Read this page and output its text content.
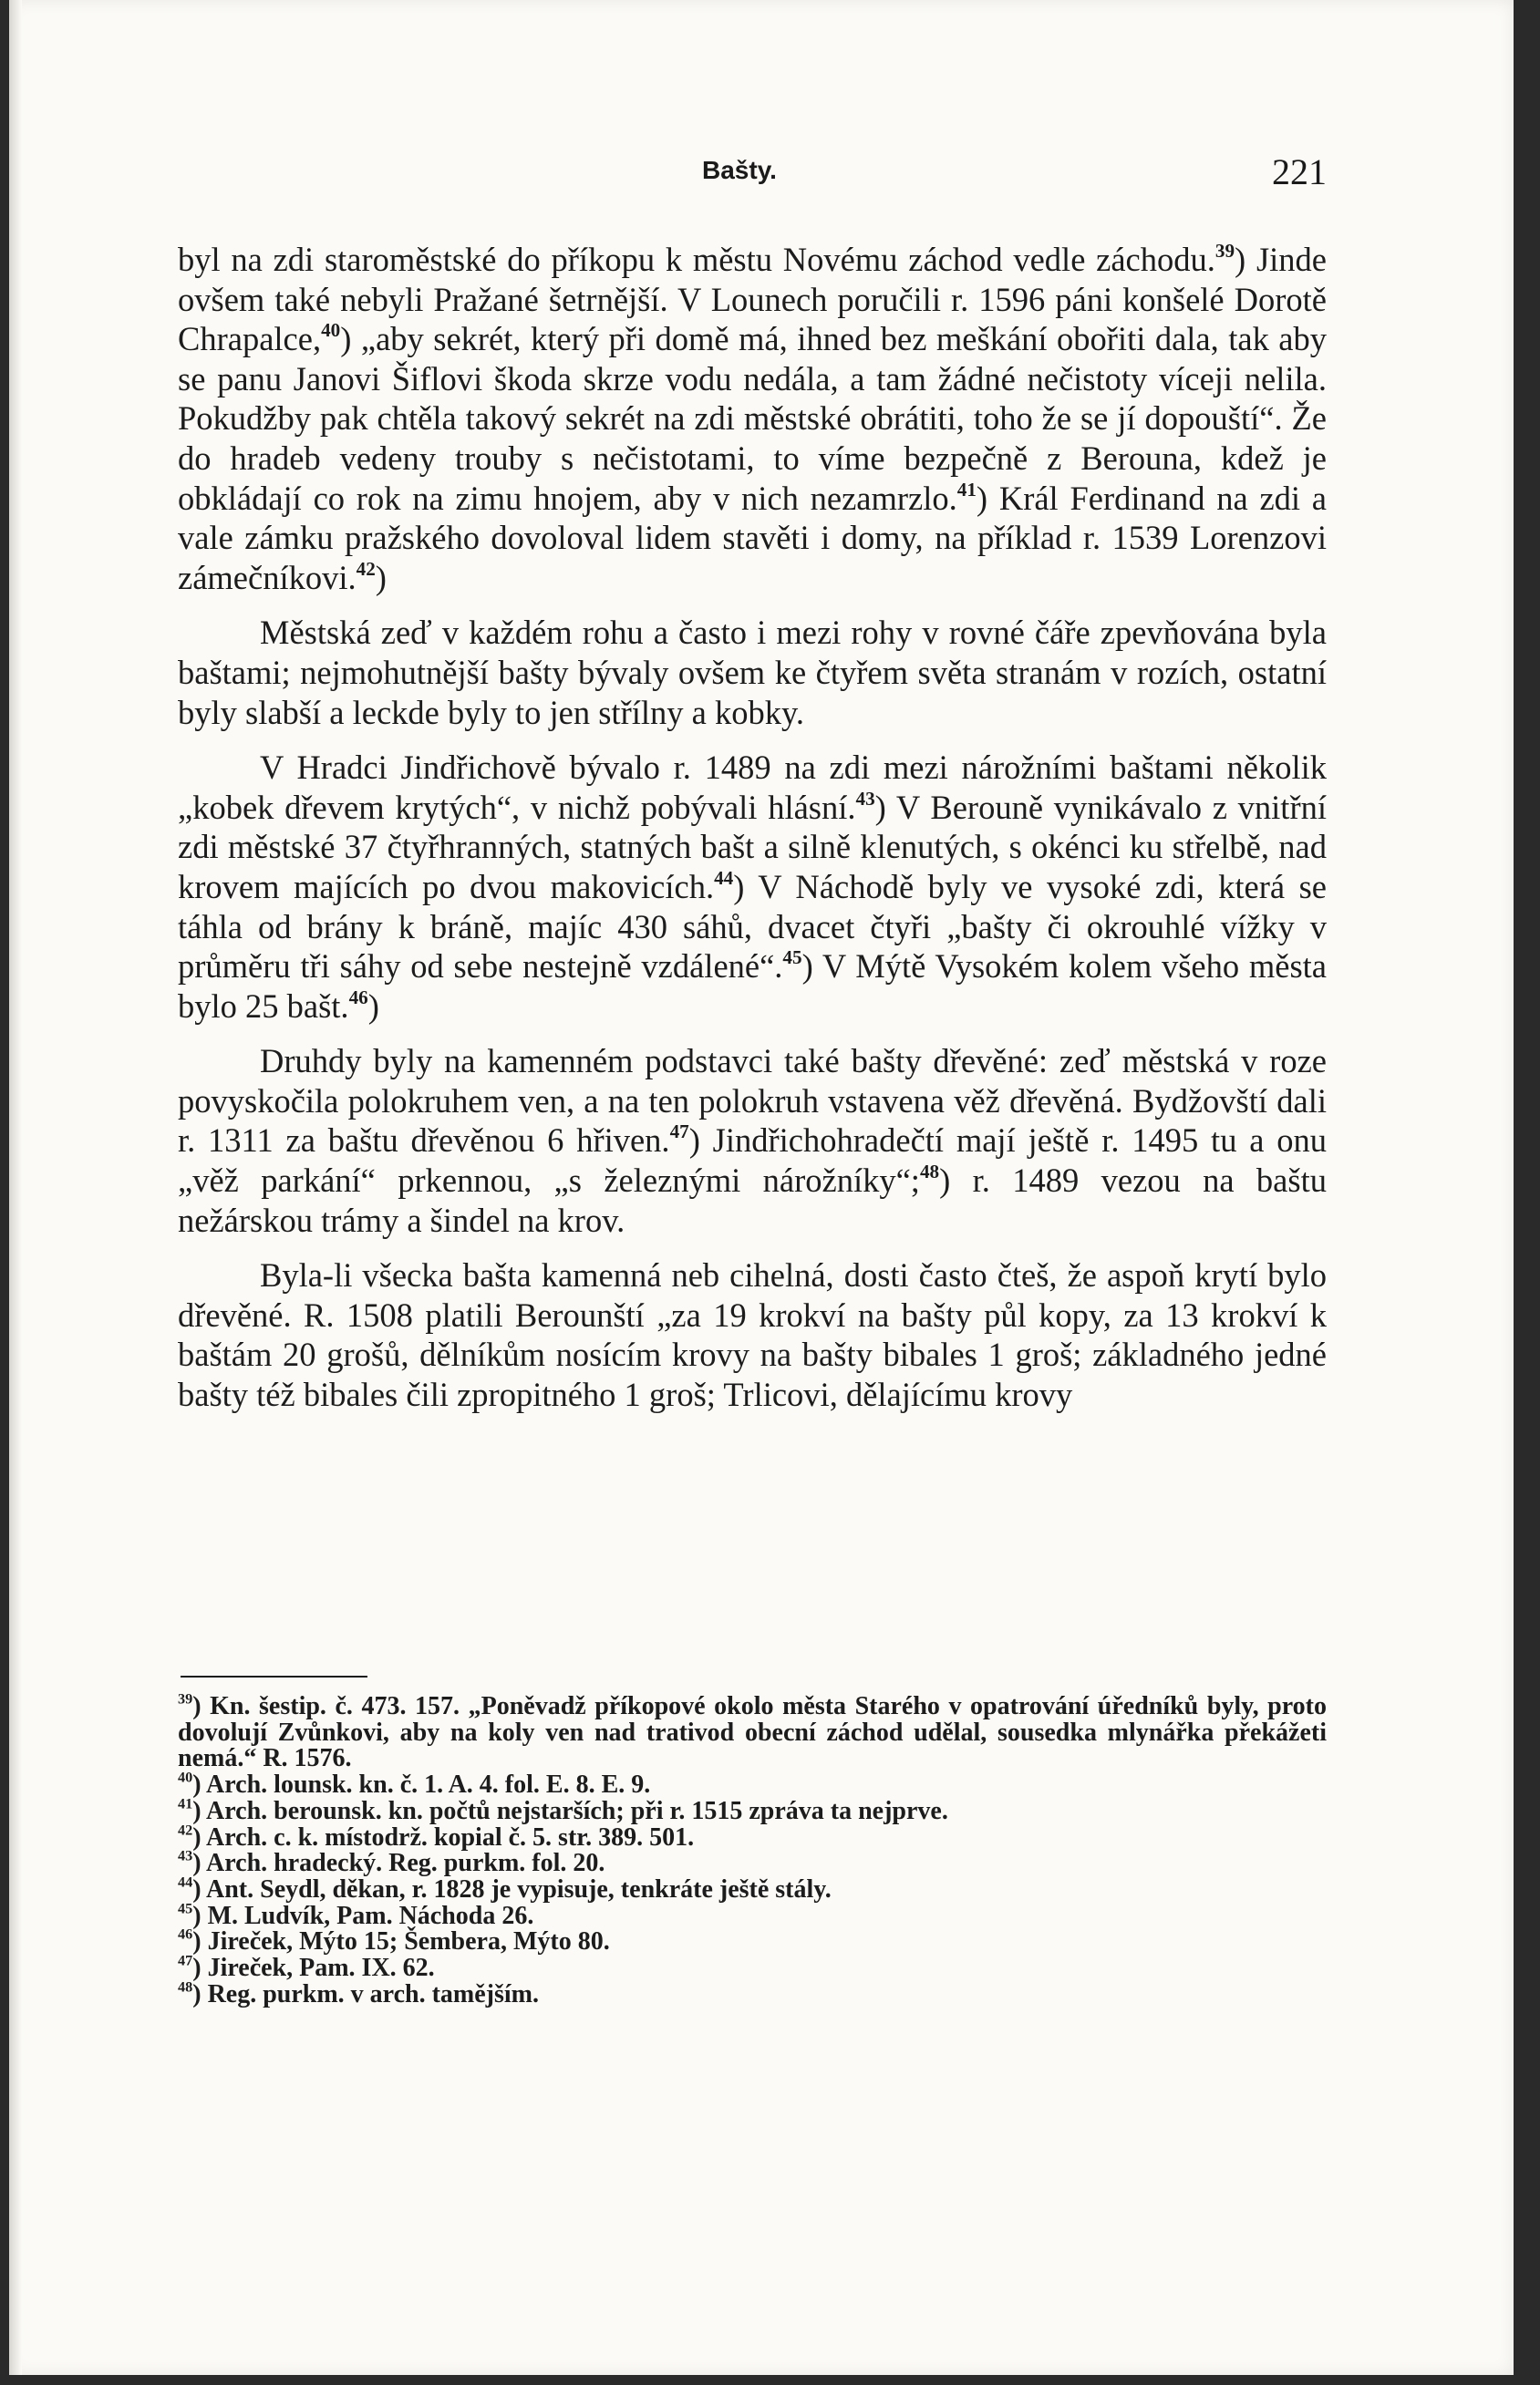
Bašty.	221

byl na zdi staroměstské do příkopu k městu Novému záchod vedle záchodu.$^{39}$) Jinde ovšem také nebyli Pražané šetrnější. V Lounech poručili r. 1596 páni konšelé Dorotě Chrapalce,$^{40}$) „aby sekrét, který při domě má, ihned bez meškání obořiti dala, tak aby se panu Janovi Šiflovi škoda skrze vodu nedála, a tam žádné nečistoty víceji nelila. Pokudžby pak chtěla takový sekrét na zdi městské obrátiti, toho že se jí dopouští“. Že do hradeb vedeny trouby s nečistotami, to víme bezpečně z Berouna, kdež je obkládají co rok na zimu hnojem, aby v nich nezamrzlo.$^{41}$) Král Ferdinand na zdi a vale zámku pražského dovoloval lidem stavěti i domy, na příklad r. 1539 Lorenzovi zámečníkovi.$^{42}$)

Městská zeď v každém rohu a často i mezi rohy v rovné čáře zpevňována byla baštami; nejmohutnější bašty bývaly ovšem ke čtyřem světa stranám v rozích, ostatní byly slabší a leckde byly to jen střílny a kobky.

V Hradci Jindřichově bývalo r. 1489 na zdi mezi nárožními baštami několik „kobek dřevem krytých“, v nichž pobývali hlásní.$^{43}$) V Berouně vynikávalo z vnitřní zdi městské 37 čtyřhranných, statných bašt a silně klenutých, s okénci ku střelbě, nad krovem majících po dvou makovicích.$^{44}$) V Náchodě byly ve vysoké zdi, která se táhla od brány k bráně, majíc 430 sáhů, dvacet čtyři „bašty či okrouhlé vížky v průměru tři sáhy od sebe nestejně vzdálené“.$^{45}$) V Mýtě Vysokém kolem všeho města bylo 25 bašt.$^{46}$)

Druhdy byly na kamenném podstavci také bašty dřevěné: zeď městská v roze povyskočila polokruhem ven, a na ten polokruh vstavena věž dřevěná. Bydžovští dali r. 1311 za baštu dřevěnou 6 hřiven.$^{47}$) Jindřichohradečtí mají ještě r. 1495 tu a onu „věž parkání“ prkennou, „s železnými nárožníky“;$^{48}$) r. 1489 vezou na baštu nežárskou trámy a šindel na krov.

Byla-li všecka bašta kamenná neb cihelná, dosti často čteš, že aspoň krytí bylo dřevěné. R. 1508 platili Berounští „za 19 krokví na bašty půl kopy, za 13 krokví k baštám 20 grošů, dělníkům nosícím krovy na bašty bibales 1 groš; základného jedné bašty též bibales čili zpropitného 1 groš; Trlicovi, dělajícímu krovy

$^{39}$) Kn. šestip. č. 473. 157. „Poněvadž příkopové okolo města Starého v opatrování úředníků byly, proto dovolují Zvůnkovi, aby na koly ven nad trativod obecní záchod udělal, sousedka mlynářka překážeti nemá.“ R. 1576.

$^{40}$) Arch. lounsk. kn. č. 1. A. 4. fol. E. 8. E. 9.

$^{41}$) Arch. berounsk. kn. počtů nejstarších; při r. 1515 zpráva ta nejprve.

$^{42}$) Arch. c. k. místodrž. kopial č. 5. str. 389. 501.

$^{43}$) Arch. hradecký. Reg. purkm. fol. 20.

$^{44}$) Ant. Seydl, děkan, r. 1828 je vypisuje, tenkráte ještě stály.

$^{45}$) M. Ludvík, Pam. Náchoda 26.

$^{46}$) Jireček, Mýto 15; Šembera, Mýto 80.

$^{47}$) Jireček, Pam. IX. 62.

$^{48}$) Reg. purkm. v arch. tamějším.
